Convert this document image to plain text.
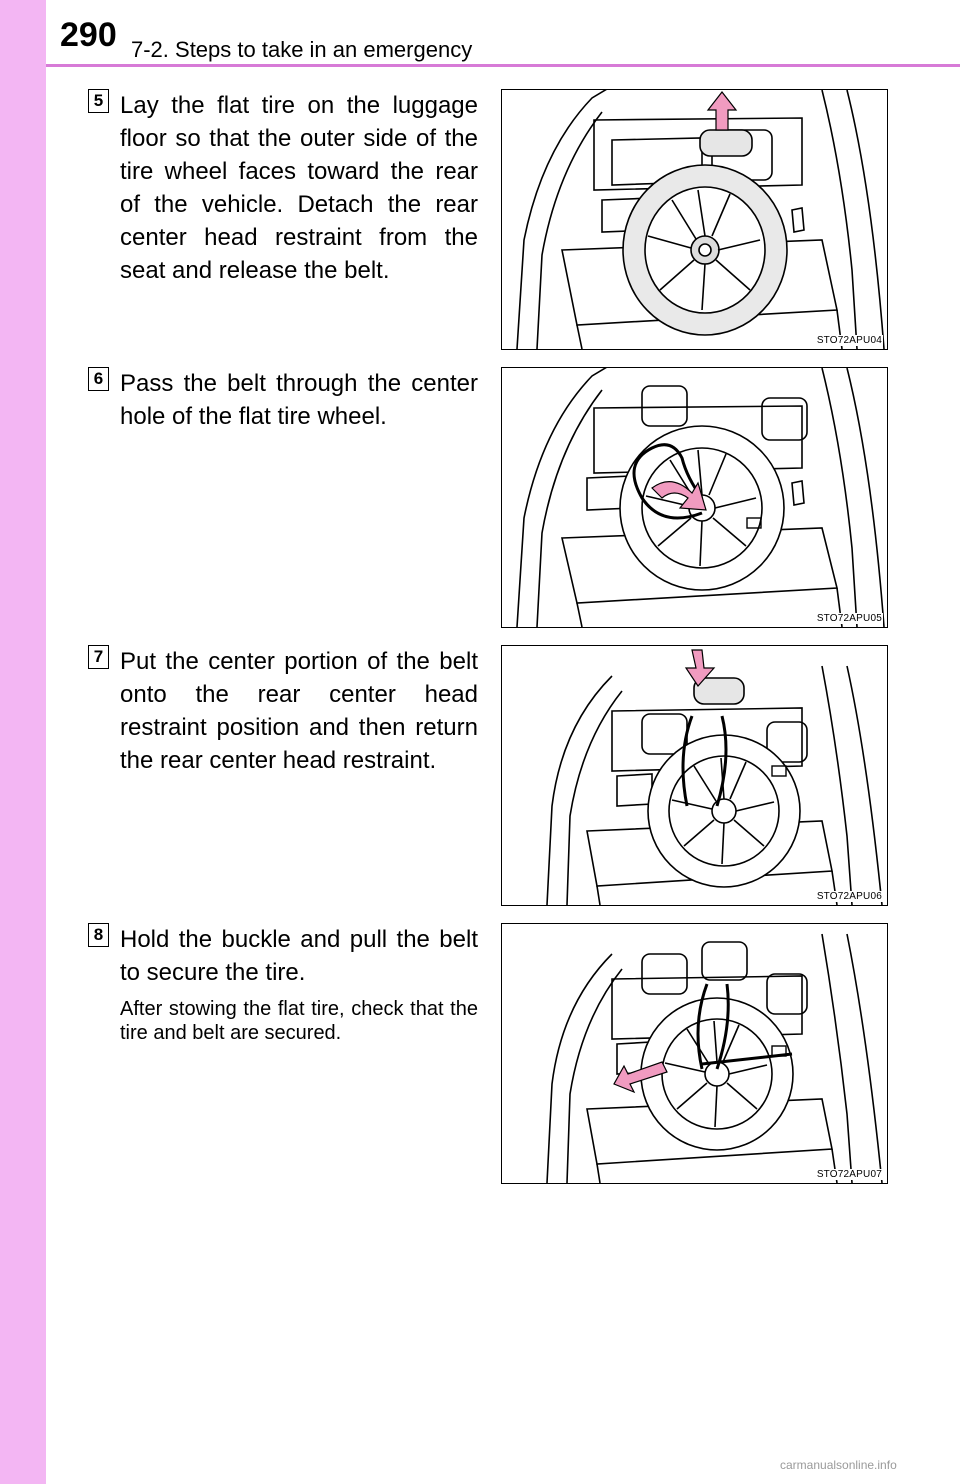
290 7-2. Steps to take in an emergency
5 Lay the flat tire on the luggage floor so that the outer side of the tire wheel faces toward the rear of the vehicle. Detach the rear center head restraint from the seat and release the belt.
STO72APU04
6 Pass the belt through the center hole of the flat tire wheel.
STO72APU05
7 Put the center portion of the belt onto the rear center head restraint position and then return the rear center head restraint.
STO72APU06
8 Hold the buckle and pull the belt to secure the tire.
After stowing the flat tire, check that the tire and belt are secured.
STO72APU07
carmanualsonline.info
